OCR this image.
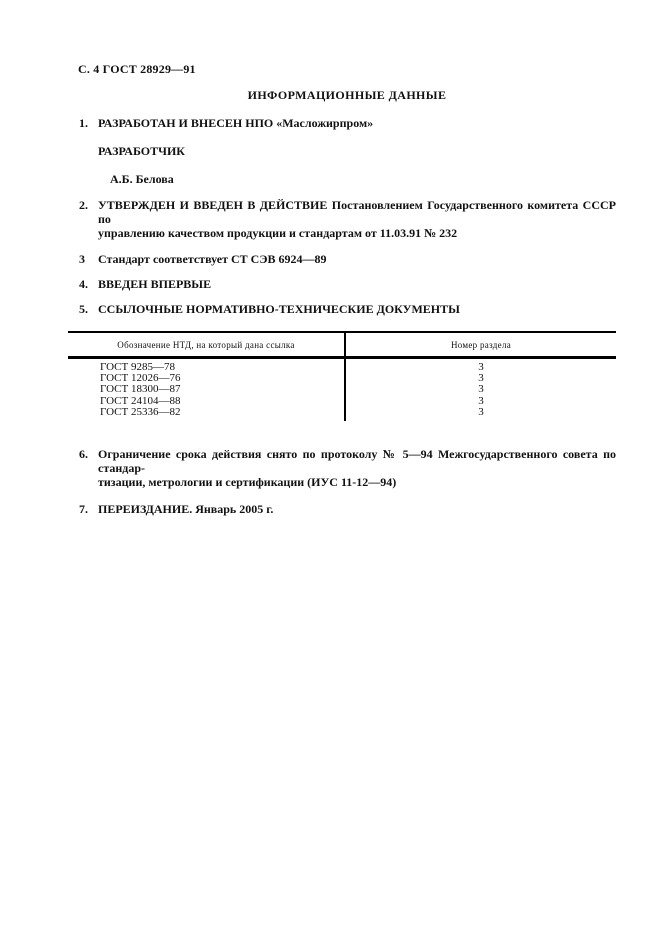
С. 4 ГОСТ 28929—91
ИНФОРМАЦИОННЫЕ ДАННЫЕ
1. РАЗРАБОТАН И ВНЕСЕН НПО «Масложирпром»
РАЗРАБОТЧИК
А.Б. Белова
2. УТВЕРЖДЕН И ВВЕДЕН В ДЕЙСТВИЕ Постановлением Государственного комитета СССР по
управлению качеством продукции и стандартам от 11.03.91 № 232
3	Стандарт соответствует СТ СЭВ 6924—89
4. ВВЕДЕН ВПЕРВЫЕ
5. ССЫЛОЧНЫЕ НОРМАТИВНО-ТЕХНИЧЕСКИЕ ДОКУМЕНТЫ
Обозначение НТД, на который дана ссылка	Номер раздела
ГОСТ 9285—78	3
ГОСТ 12026—76	3
ГОСТ 18300—87	3
ГОСТ 24104—88	3
ГОСТ 25336—82	3
6. Ограничение срока действия снято по протоколу № 5—94 Межгосударственного совета по стандар-
тизации, метрологии и сертификации (ИУС 11-12—94)
7. ПЕРЕИЗДАНИЕ. Январь 2005 г.
